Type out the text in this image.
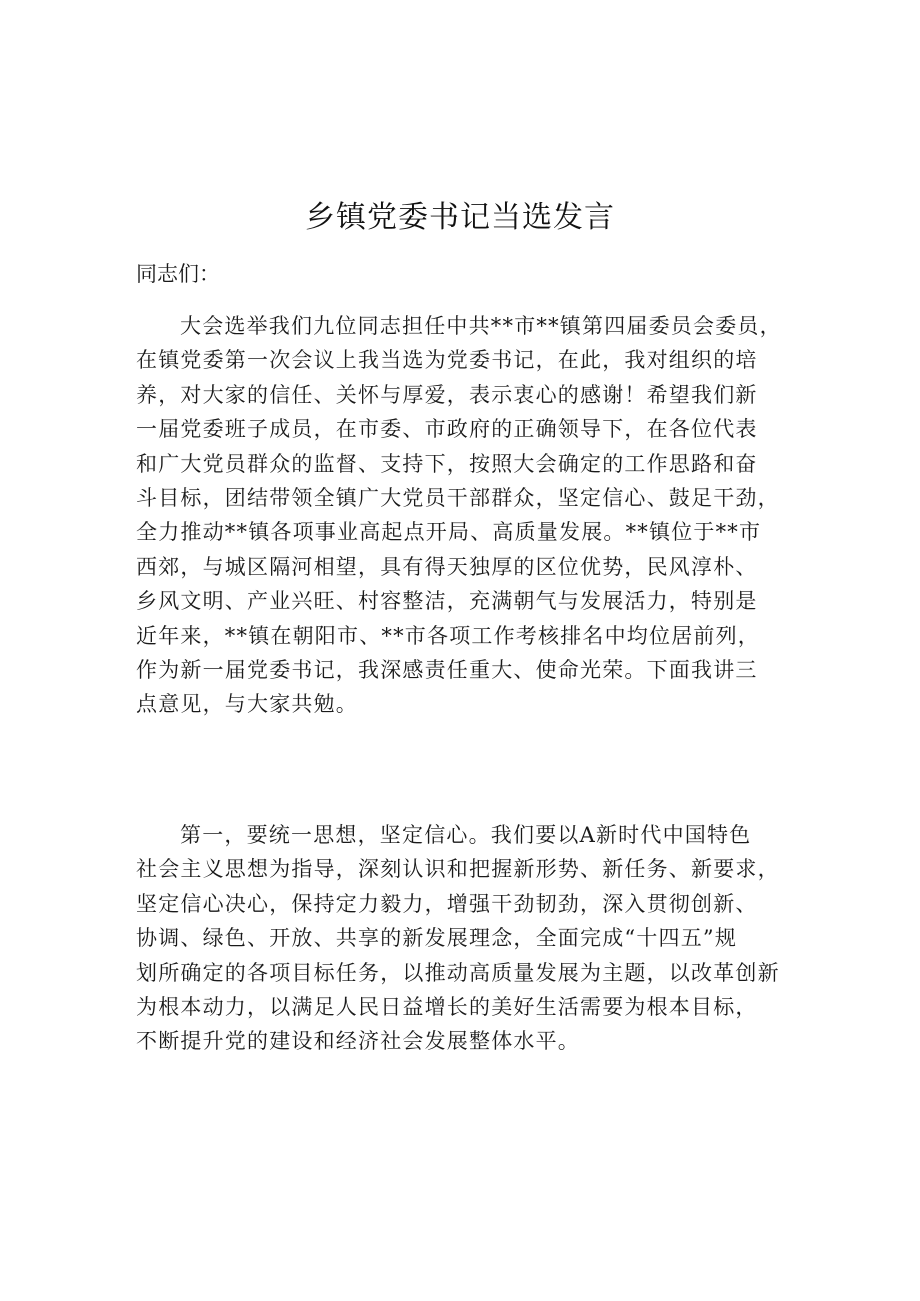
乡镇党委书记当选发言
同志们：
大会选举我们九位同志担任中共**市**镇第四届委员会委员，
在镇党委第一次会议上我当选为党委书记，在此，我对组织的培
养，对大家的信任、关怀与厚爱，表示衷心的感谢！希望我们新
一届党委班子成员，在市委、市政府的正确领导下，在各位代表
和广大党员群众的监督、支持下，按照大会确定的工作思路和奋
斗目标，团结带领全镇广大党员干部群众，坚定信心、鼓足干劲，
全力推动**镇各项事业高起点开局、高质量发展。**镇位于**市
西郊，与城区隔河相望，具有得天独厚的区位优势，民风淳朴、
乡风文明、产业兴旺、村容整洁，充满朝气与发展活力，特别是
近年来，**镇在朝阳市、**市各项工作考核排名中均位居前列，
作为新一届党委书记，我深感责任重大、使命光荣。下面我讲三
点意见，与大家共勉。
第一，要统一思想，坚定信心。我们要以A新时代中国特色
社会主义思想为指导，深刻认识和把握新形势、新任务、新要求，
坚定信心决心，保持定力毅力，增强干劲韧劲，深入贯彻创新、
协调、绿色、开放、共享的新发展理念，全面完成“十四五”规
划所确定的各项目标任务，以推动高质量发展为主题，以改革创新
为根本动力，以满足人民日益增长的美好生活需要为根本目标，
不断提升党的建设和经济社会发展整体水平。
